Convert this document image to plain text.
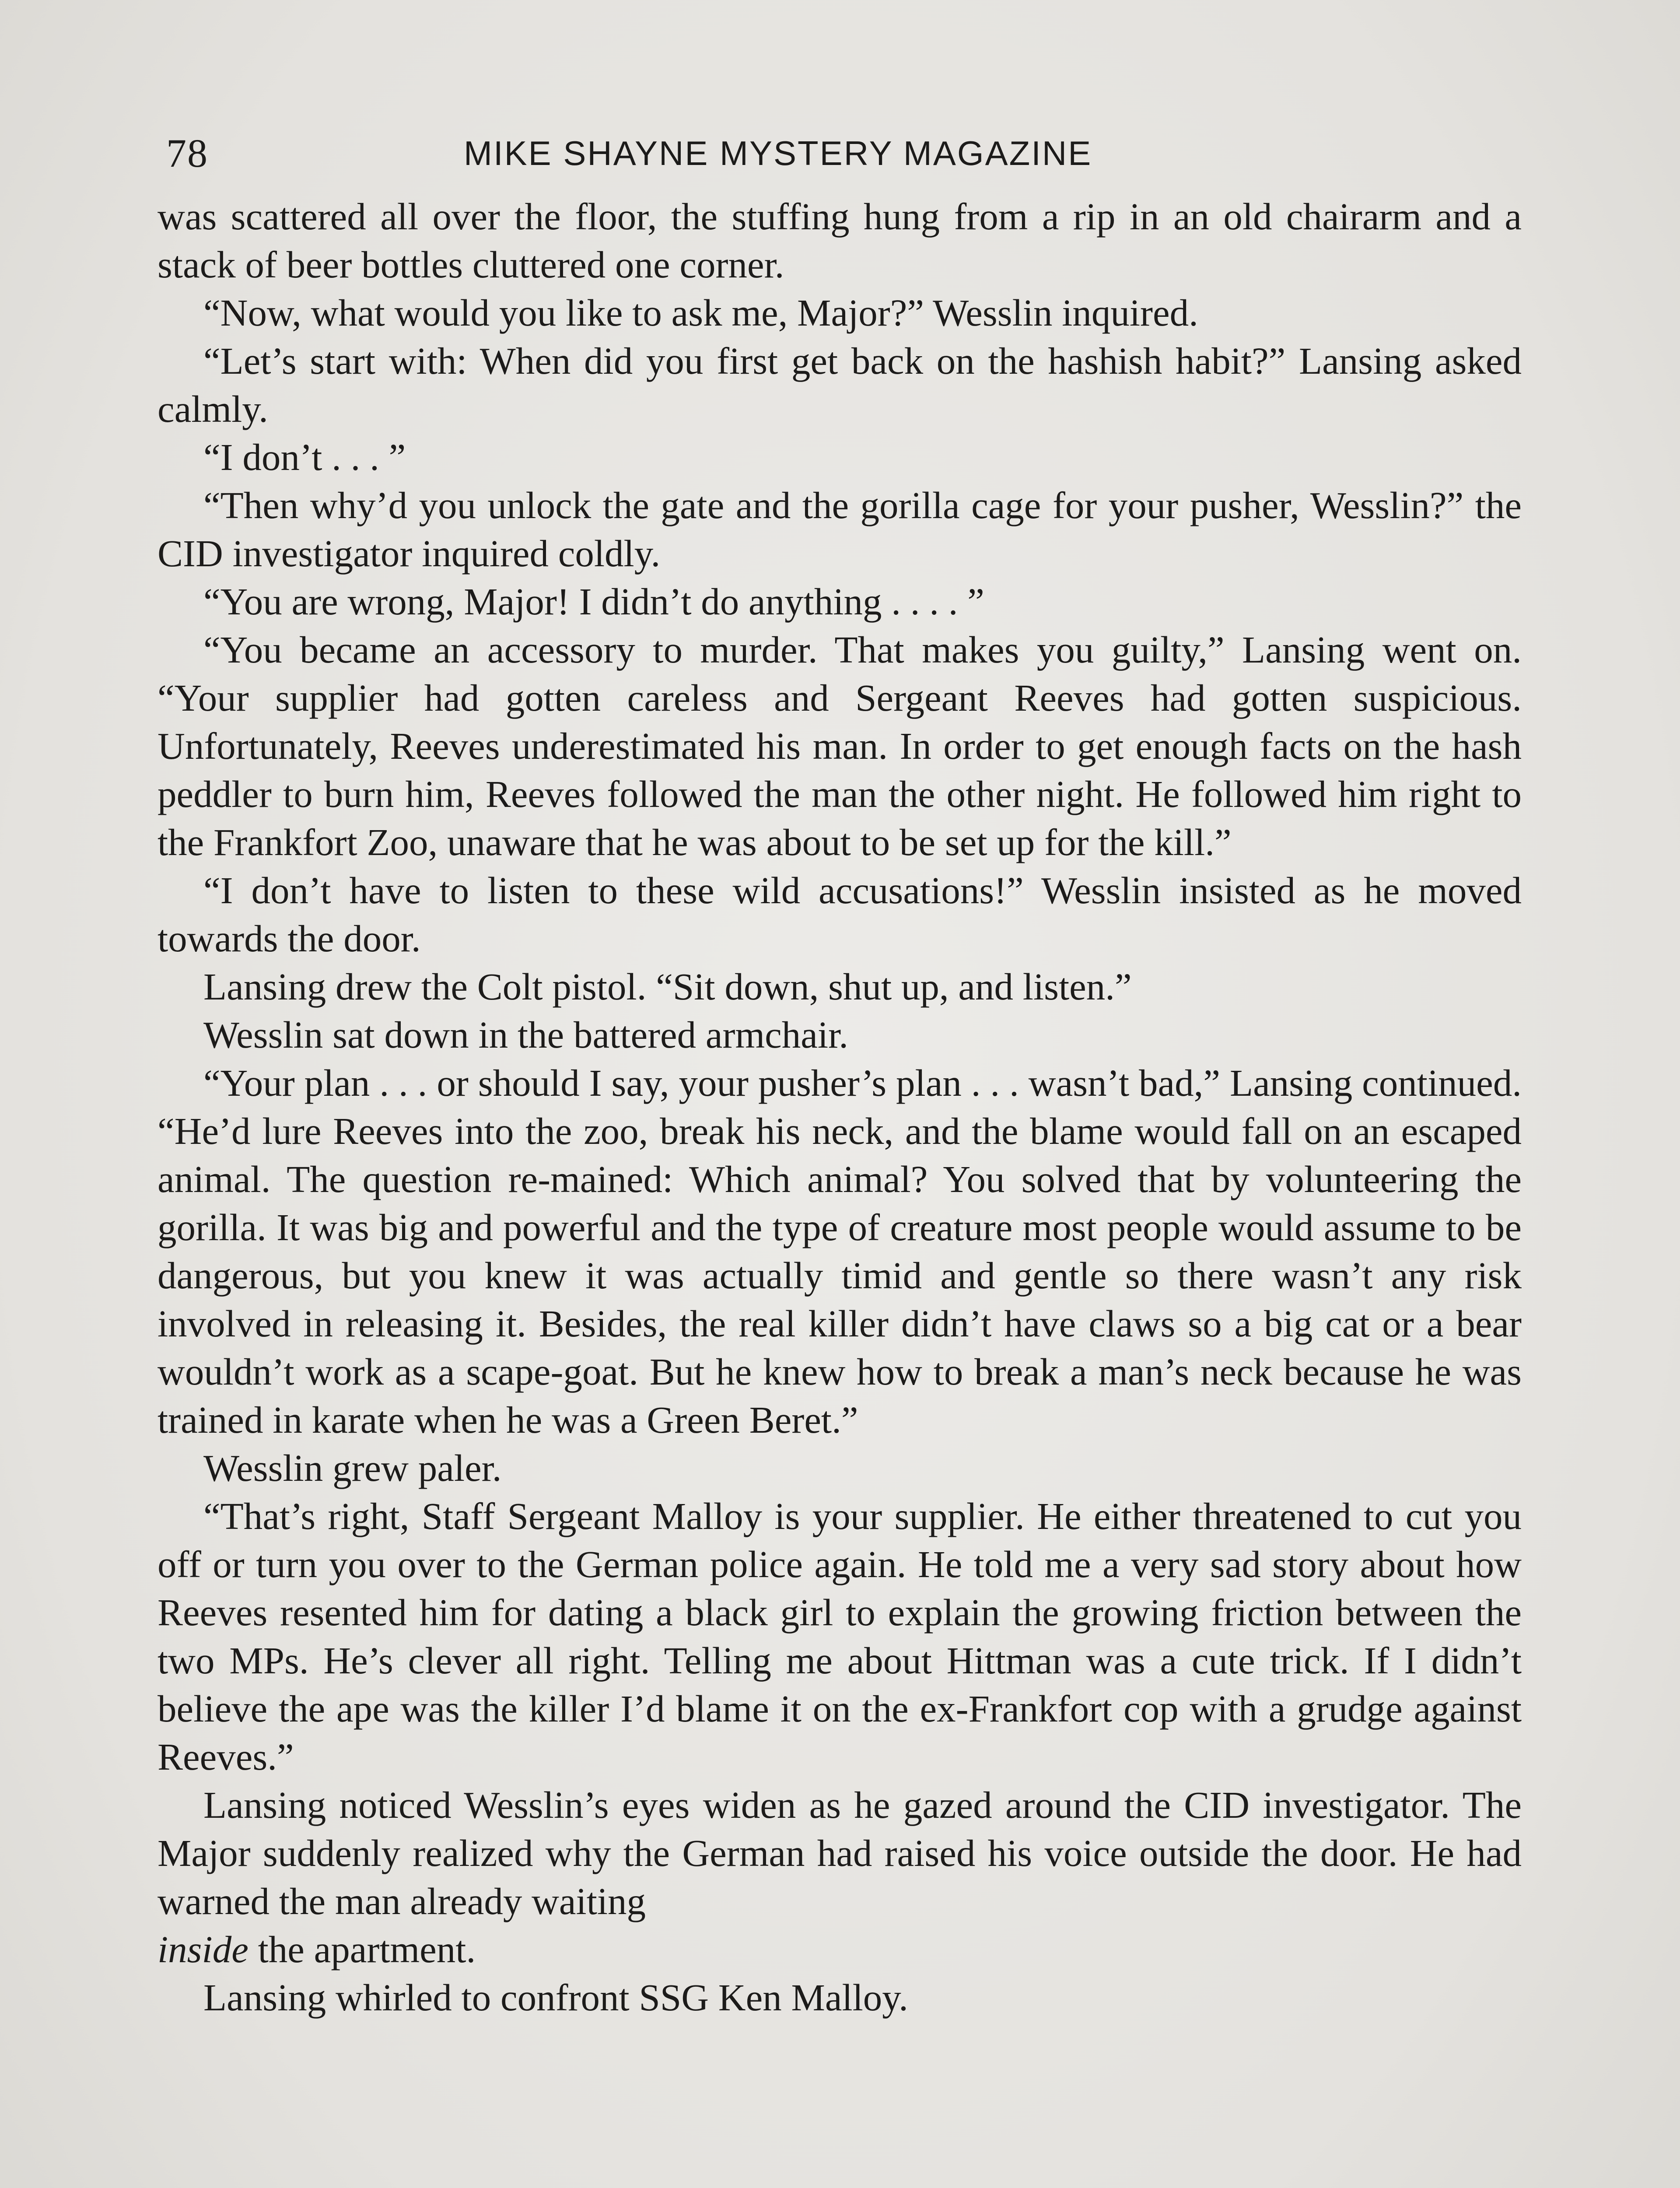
78	MIKE SHAYNE MYSTERY MAGAZINE

was scattered all over the floor, the stuffing hung from a rip in an old chairarm and a stack of beer bottles cluttered one corner.

“Now, what would you like to ask me, Major?” Wesslin inquired.

“Let’s start with: When did you first get back on the hashish habit?” Lansing asked calmly.

“I don’t . . . ”

“Then why’d you unlock the gate and the gorilla cage for your pusher, Wesslin?” the CID investigator inquired coldly.

“You are wrong, Major! I didn’t do anything . . . . ”

“You became an accessory to murder. That makes you guilty,” Lansing went on. “Your supplier had gotten careless and Sergeant Reeves had gotten suspicious. Unfortunately, Reeves underestimated his man. In order to get enough facts on the hash peddler to burn him, Reeves followed the man the other night. He followed him right to the Frankfort Zoo, unaware that he was about to be set up for the kill.”

“I don’t have to listen to these wild accusations!” Wesslin insisted as he moved towards the door.

Lansing drew the Colt pistol. “Sit down, shut up, and listen.”

Wesslin sat down in the battered armchair.

“Your plan . . . or should I say, your pusher’s plan . . . wasn’t bad,” Lansing continued. “He’d lure Reeves into the zoo, break his neck, and the blame would fall on an escaped animal. The question re-mained: Which animal? You solved that by volunteering the gorilla. It was big and powerful and the type of creature most people would assume to be dangerous, but you knew it was actually timid and gentle so there wasn’t any risk involved in releasing it. Besides, the real killer didn’t have claws so a big cat or a bear wouldn’t work as a scape-goat. But he knew how to break a man’s neck because he was trained in karate when he was a Green Beret.”

Wesslin grew paler.

“That’s right, Staff Sergeant Malloy is your supplier. He either threatened to cut you off or turn you over to the German police again. He told me a very sad story about how Reeves resented him for dating a black girl to explain the growing friction between the two MPs. He’s clever all right. Telling me about Hittman was a cute trick. If I didn’t believe the ape was the killer I’d blame it on the ex-Frankfort cop with a grudge against Reeves.”

Lansing noticed Wesslin’s eyes widen as he gazed around the CID investigator. The Major suddenly realized why the German had raised his voice outside the door. He had warned the man already waiting
inside the apartment.

Lansing whirled to confront SSG Ken Malloy.
